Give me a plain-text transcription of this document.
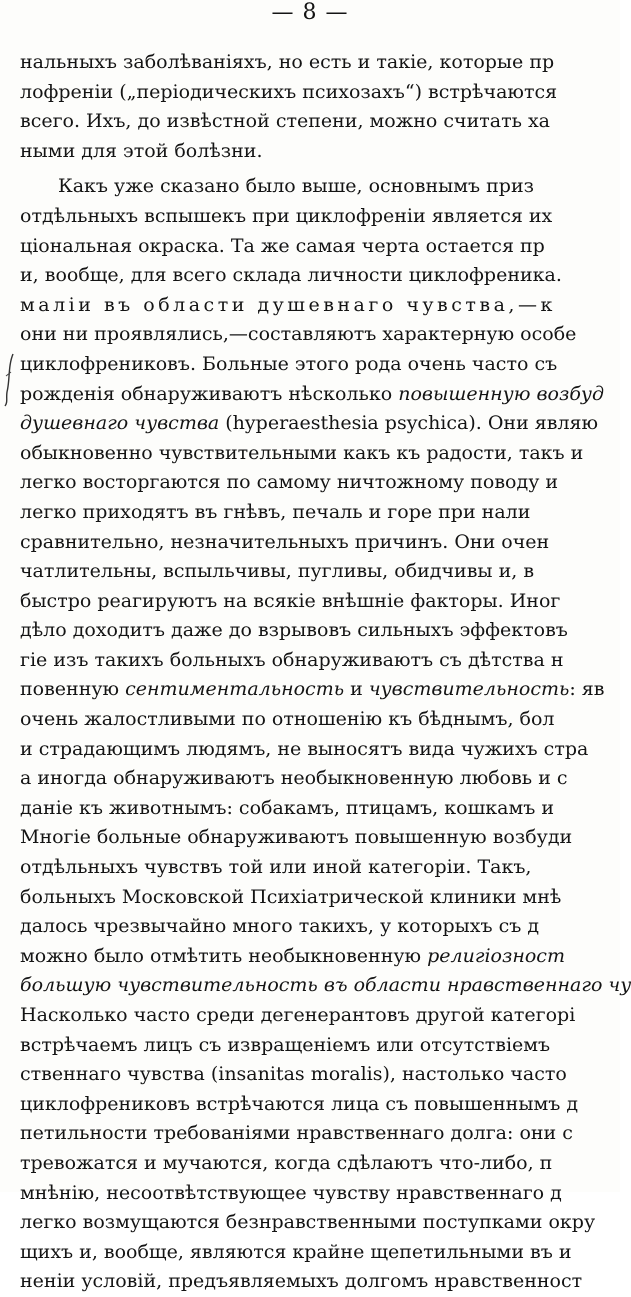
— 8 —
нальныхъ заболѣваніяхъ, но есть и такіе, которые пр
лофреніи („періодическихъ психозахъ“) встрѣчаются
всего. Ихъ, до извѣстной степени, можно считать ха
ными для этой болѣзни.
Какъ уже сказано было выше, основнымъ приз
отдѣльныхъ вспышекъ при циклофреніи является их
ціональная окраска. Та же самая черта остается пр
и, вообще, для всего склада личности циклофреника.
маліи въ области душевнаго чувства,—к
они ни проявлялись,—составляютъ характерную особе
циклофрениковъ. Больные этого рода очень часто съ
рожденія обнаруживаютъ нѣсколько повышенную возбуд
душевнаго чувства (hyperaesthesia psychica). Они являю
обыкновенно чувствительными какъ къ радости, такъ и
легко восторгаются по самому ничтожному поводу и
легко приходятъ въ гнѣвъ, печаль и горе при нали
сравнительно, незначительныхъ причинъ. Они очен
чатлительны, вспыльчивы, пугливы, обидчивы и, в
быстро реагируютъ на всякіе внѣшніе факторы. Иног
дѣло доходитъ даже до взрывовъ сильныхъ эффектовъ
гіе изъ такихъ больныхъ обнаруживаютъ съ дѣтства н
повенную сентиментальность и чувствительность: яв
очень жалостливыми по отношенію къ бѣднымъ, бол
и страдающимъ людямъ, не выносятъ вида чужихъ стра
а иногда обнаруживаютъ необыкновенную любовь и с
даніе къ животнымъ: собакамъ, птицамъ, кошкамъ и
Многіе больные обнаруживаютъ повышенную возбуди
отдѣльныхъ чувствъ той или иной категоріи. Такъ,
больныхъ Московской Психіатрической клиники мнѣ
далось чрезвычайно много такихъ, у которыхъ съ д
можно было отмѣтить необыкновенную религіозност
большую чувствительность въ области нравственнаго чу
Насколько часто среди дегенерантовъ другой категорі
встрѣчаемъ лицъ съ извращеніемъ или отсутствіемъ
ственнаго чувства (insanitas moralis), настолько часто
циклофрениковъ встрѣчаются лица съ повышеннымъ д
петильности требованіями нравственнаго долга: они с
тревожатся и мучаются, когда сдѣлаютъ что-либо, п
мнѣнію, несоотвѣтствующее чувству нравственнаго д
легко возмущаются безнравственными поступками окру
щихъ и, вообще, являются крайне щепетильными въ и
неніи условій, предъявляемыхъ долгомъ нравственност
